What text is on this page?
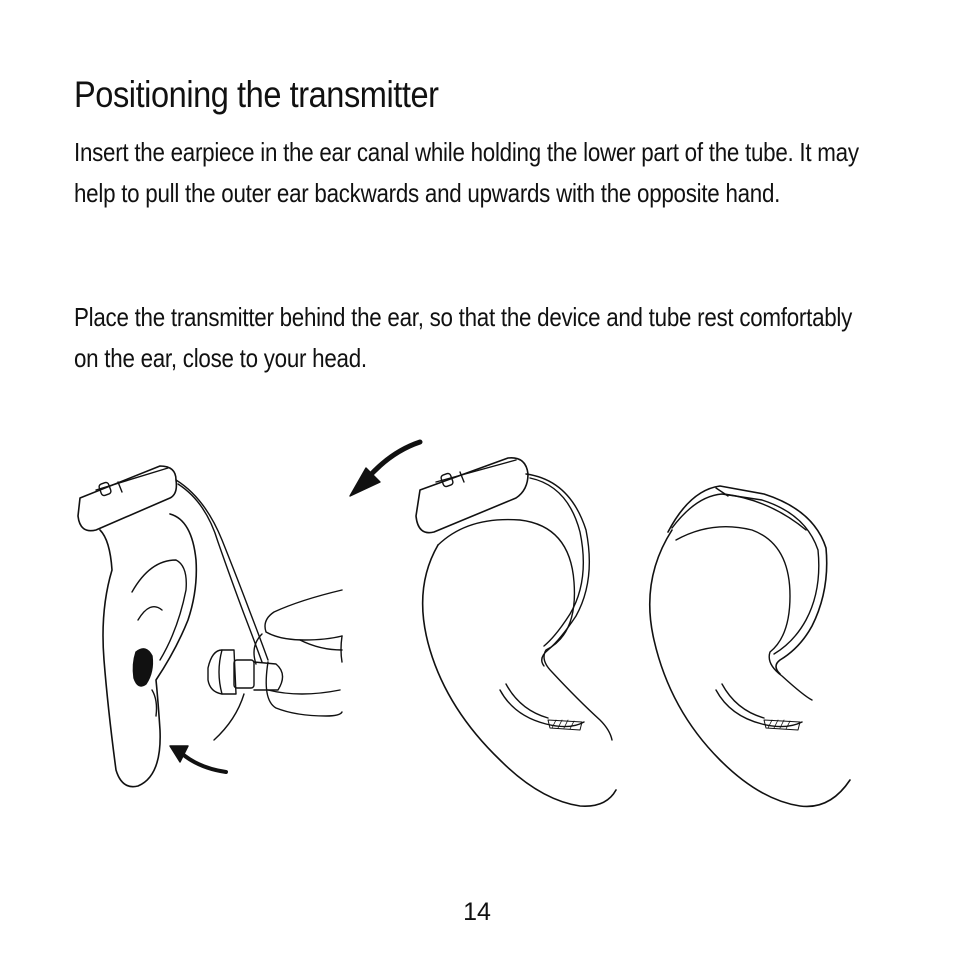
Positioning the transmitter

Insert the earpiece in the ear canal while holding the lower part of the tube. It may help to pull the outer ear backwards and upwards with the opposite hand.

Place the transmitter behind the ear, so that the device and tube rest comfortably on the ear, close to your head.

14
